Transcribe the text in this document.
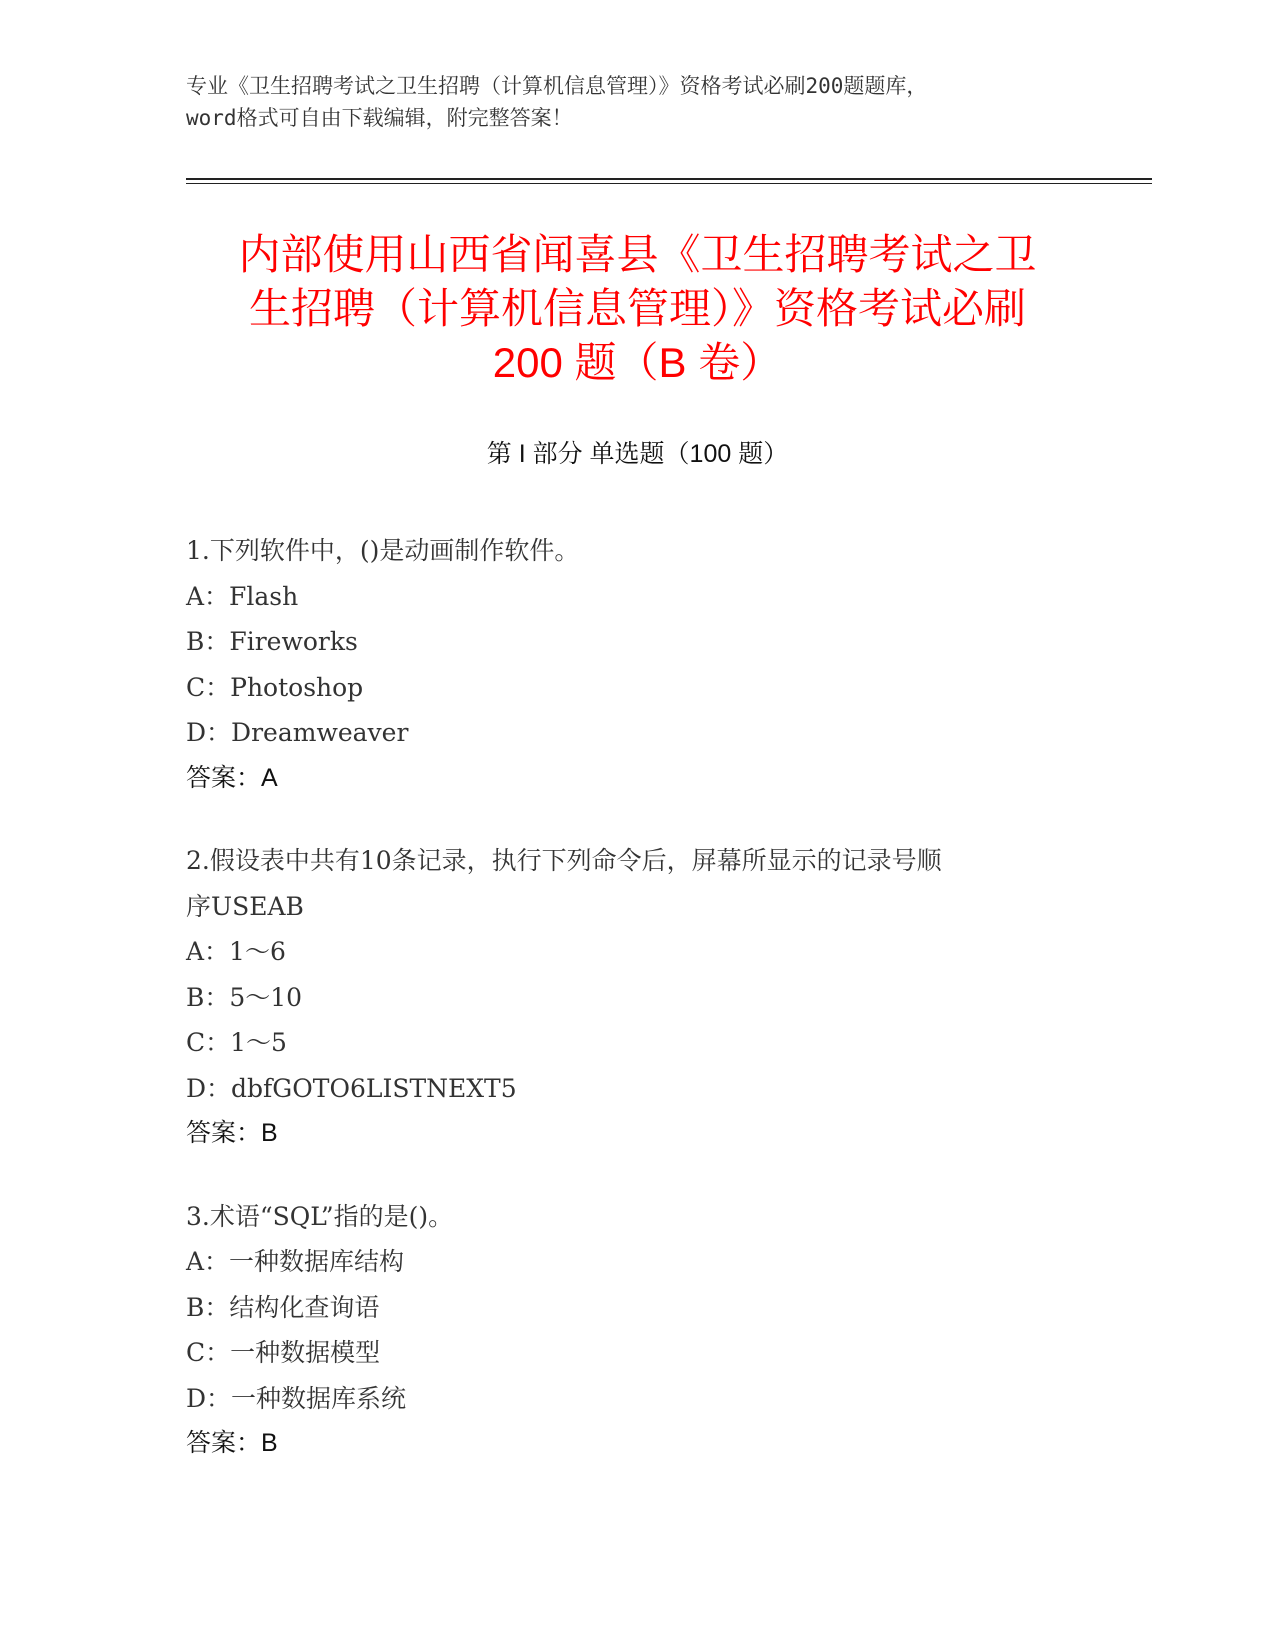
专业《卫生招聘考试之卫生招聘（计算机信息管理）》资格考试必刷200题题库，
word格式可自由下载编辑，附完整答案！
内部使用山西省闻喜县《卫生招聘考试之卫
生招聘（计算机信息管理）》资格考试必刷
200 题（B 卷）
第 I 部分 单选题（100 题）
1.下列软件中，()是动画制作软件。
A：Flash
B：Fireworks
C：Photoshop
D：Dreamweaver
答案：A
2.假设表中共有10条记录，执行下列命令后，屏幕所显示的记录号顺
序USEAB
A：1～6
B：5～10
C：1～5
D：dbfGOTO6LISTNEXT5
答案：B
3.术语“SQL”指的是()。
A：一种数据库结构
B：结构化查询语
C：一种数据模型
D：一种数据库系统
答案：B
